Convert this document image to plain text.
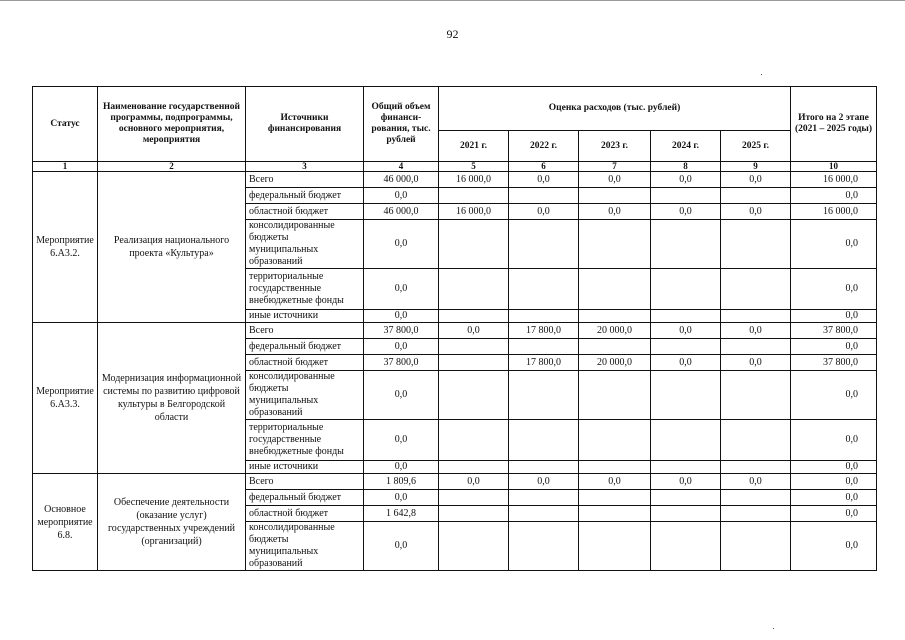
92
Статус	Наименование государственной программы, подпрограммы, основного мероприятия, мероприятия	Источники финансирования	Общий объем финанси-рования, тыс. рублей	Оценка расходов (тыс. рублей)					Итого на 2 этапе (2021 – 2025 годы)
				2021 г.	2022 г.	2023 г.	2024 г.	2025 г.	
1	2	3	4	5	6	7	8	9	10
Мероприятие 6.А3.2.	Реализация национального проекта «Культура»	Всего	46 000,0	16 000,0	0,0	0,0	0,0	0,0	16 000,0
		федеральный бюджет	0,0						0,0
		областной бюджет	46 000,0	16 000,0	0,0	0,0	0,0	0,0	16 000,0
		консолидированные бюджеты муниципальных образований	0,0						0,0
		территориальные государственные внебюджетные фонды	0,0						0,0
		иные источники	0,0						0,0
Мероприятие 6.А3.3.	Модернизация информационной системы по развитию цифровой культуры в Белгородской области	Всего	37 800,0	0,0	17 800,0	20 000,0	0,0	0,0	37 800,0
		федеральный бюджет	0,0						0,0
		областной бюджет	37 800,0		17 800,0	20 000,0	0,0	0,0	37 800,0
		консолидированные бюджеты муниципальных образований	0,0						0,0
		территориальные государственные внебюджетные фонды	0,0						0,0
		иные источники	0,0						0,0
Основное мероприятие 6.8.	Обеспечение деятельности (оказание услуг) государственных учреждений (организаций)	Всего	1 809,6	0,0	0,0	0,0	0,0	0,0	0,0
		федеральный бюджет	0,0						0,0
		областной бюджет	1 642,8						0,0
		консолидированные бюджеты муниципальных образований	0,0						0,0
